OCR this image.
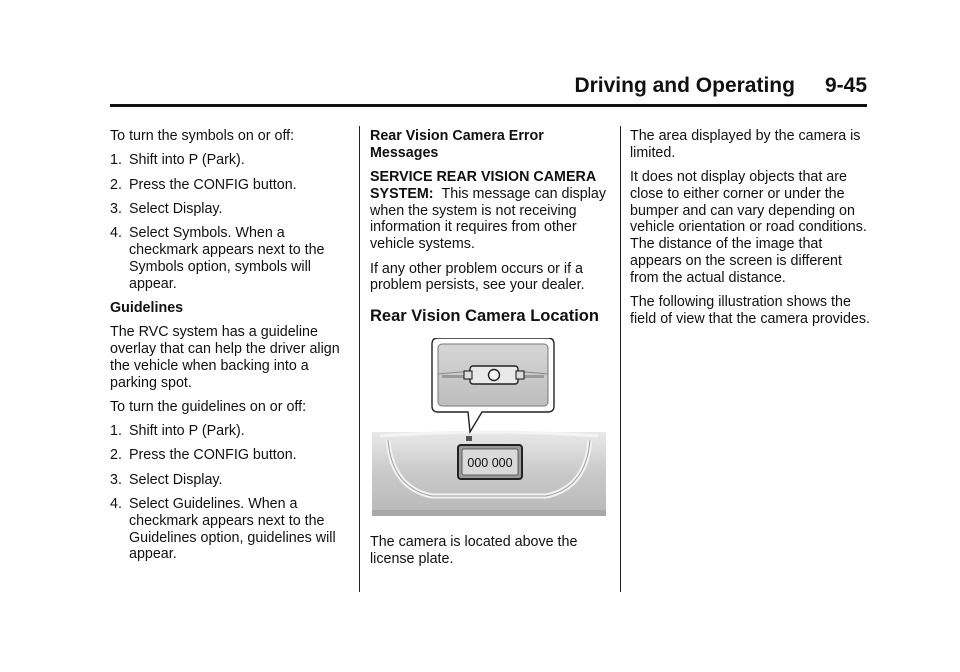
Driving and Operating 9-45

To turn the symbols on or off:

1. Shift into P (Park).
2. Press the CONFIG button.
3. Select Display.
4. Select Symbols. When a checkmark appears next to the Symbols option, symbols will appear.

Guidelines

The RVC system has a guideline overlay that can help the driver align the vehicle when backing into a parking spot.

To turn the guidelines on or off:

1. Shift into P (Park).
2. Press the CONFIG button.
3. Select Display.
4. Select Guidelines. When a checkmark appears next to the Guidelines option, guidelines will appear.

Rear Vision Camera Error Messages

SERVICE REAR VISION CAMERA SYSTEM: This message can display when the system is not receiving information it requires from other vehicle systems.

If any other problem occurs or if a problem persists, see your dealer.

Rear Vision Camera Location
000 000
The camera is located above the license plate.

The area displayed by the camera is limited.

It does not display objects that are close to either corner or under the bumper and can vary depending on vehicle orientation or road conditions. The distance of the image that appears on the screen is different from the actual distance.

The following illustration shows the field of view that the camera provides.
